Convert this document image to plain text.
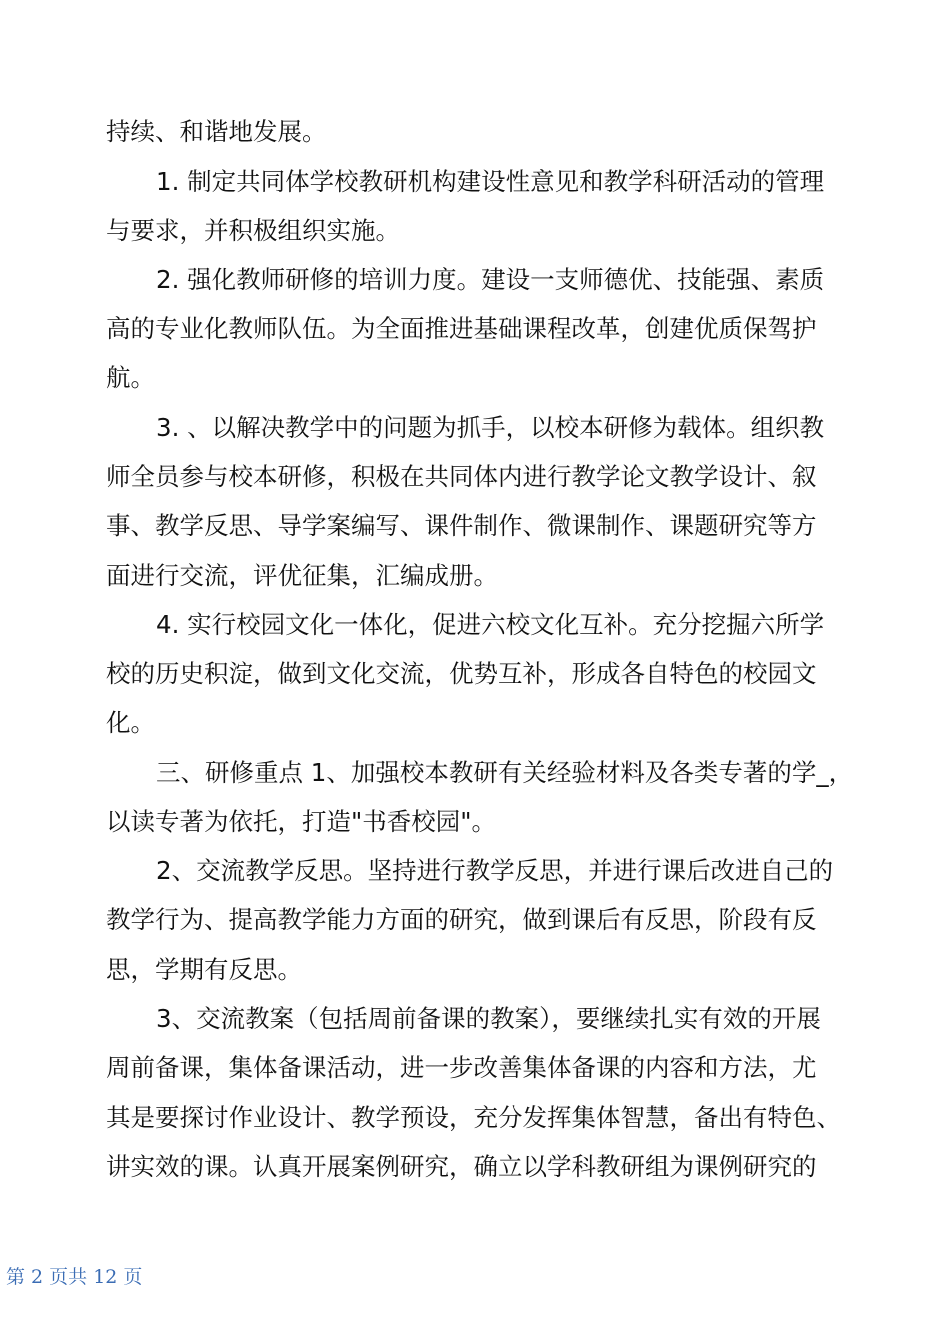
持续、和谐地发展。
1. 制定共同体学校教研机构建设性意见和教学科研活动的管理
与要求，并积极组织实施。
2. 强化教师研修的培训力度。建设一支师德优、技能强、素质
高的专业化教师队伍。为全面推进基础课程改革，创建优质保驾护
航。
3. 、以解决教学中的问题为抓手，以校本研修为载体。组织教
师全员参与校本研修，积极在共同体内进行教学论文教学设计、叙
事、教学反思、导学案编写、课件制作、微课制作、课题研究等方
面进行交流，评优征集，汇编成册。
4. 实行校园文化一体化，促进六校文化互补。充分挖掘六所学
校的历史积淀，做到文化交流，优势互补，形成各自特色的校园文
化。
三、研修重点 1、加强校本教研有关经验材料及各类专著的学_，
以读专著为依托，打造"书香校园"。
2、交流教学反思。坚持进行教学反思，并进行课后改进自己的
教学行为、提高教学能力方面的研究，做到课后有反思，阶段有反
思，学期有反思。
3、交流教案（包括周前备课的教案），要继续扎实有效的开展
周前备课，集体备课活动，进一步改善集体备课的内容和方法，尤
其是要探讨作业设计、教学预设，充分发挥集体智慧，备出有特色、
讲实效的课。认真开展案例研究，确立以学科教研组为课例研究的
第 2 页共 12 页
